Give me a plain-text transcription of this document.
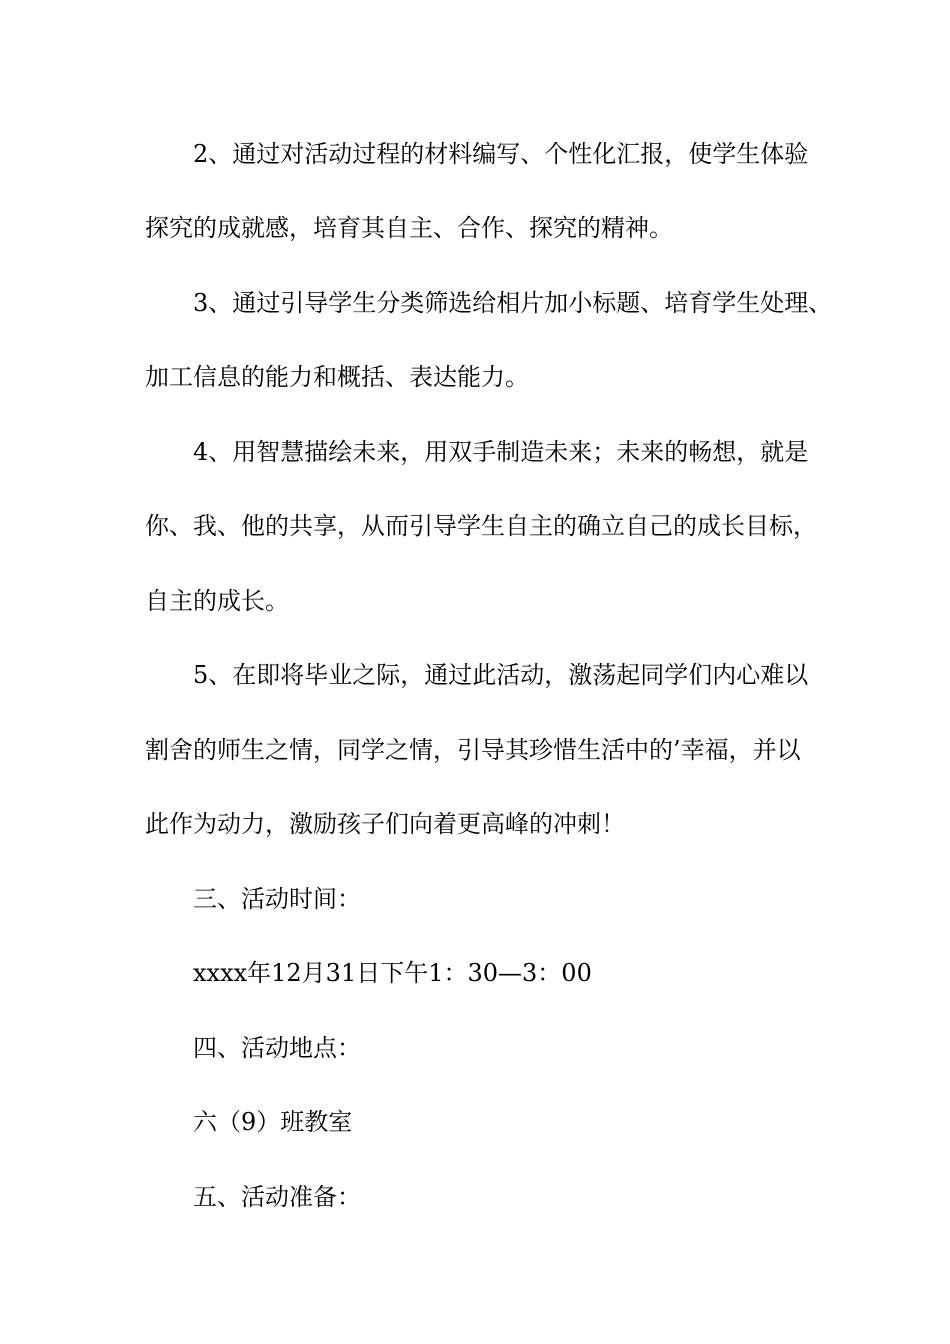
2、通过对活动过程的材料编写、个性化汇报，使学生体验
探究的成就感，培育其自主、合作、探究的精神。
3、通过引导学生分类筛选给相片加小标题、培育学生处理、
加工信息的能力和概括、表达能力。
4、用智慧描绘未来，用双手制造未来；未来的畅想，就是
你、我、他的共享，从而引导学生自主的确立自己的成长目标，
自主的成长。
5、在即将毕业之际，通过此活动，激荡起同学们内心难以
割舍的师生之情，同学之情，引导其珍惜生活中的’幸福，并以
此作为动力，激励孩子们向着更高峰的冲刺！
三、活动时间：
xxxx年12月31日下午1：30—3：00
四、活动地点：
六（9）班教室
五、活动准备：
